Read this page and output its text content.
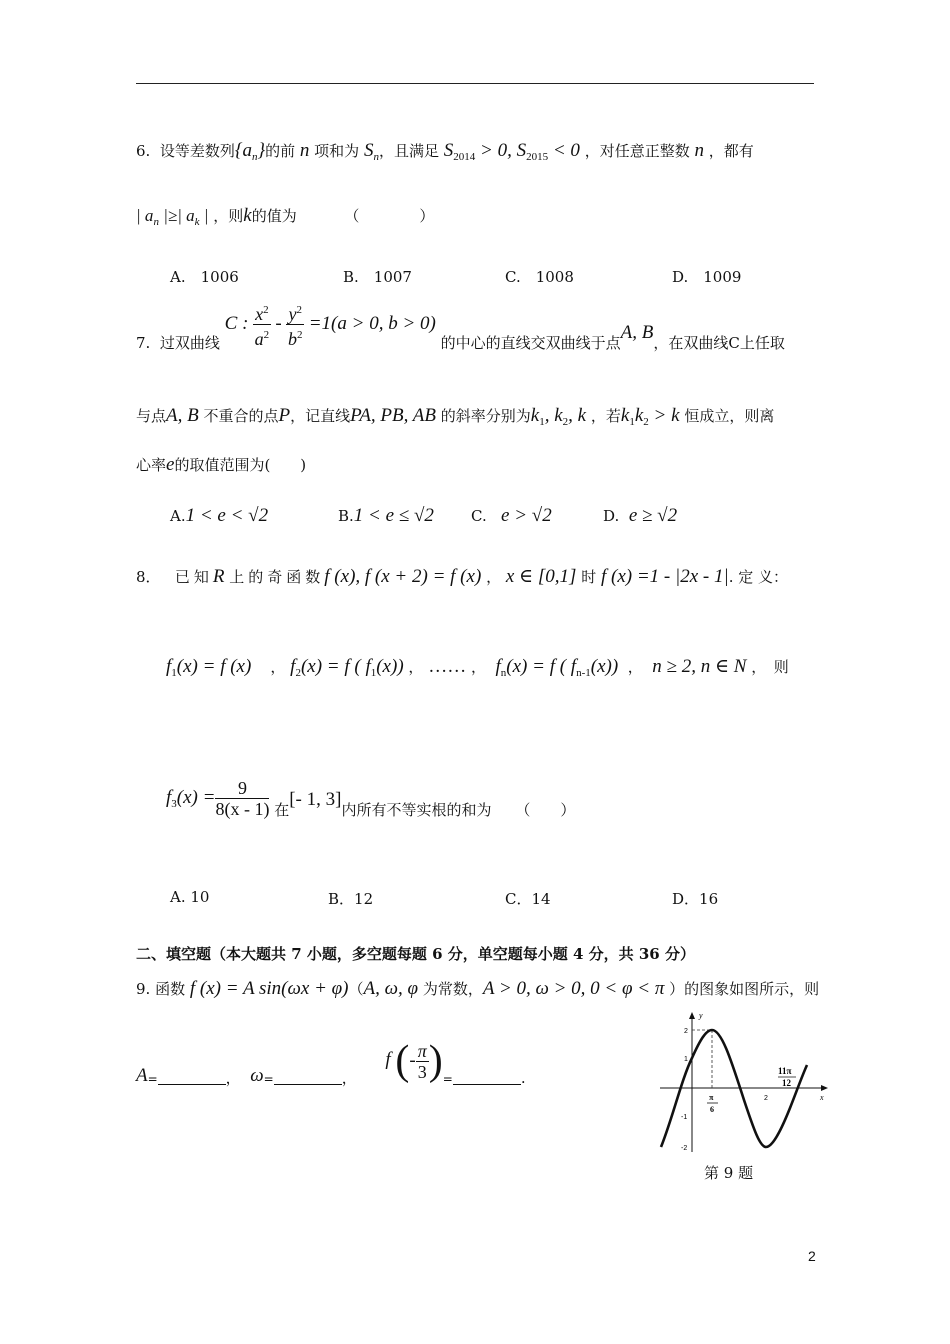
6. 设等差数列$\{a_n\}$的前 n 项和为 $S_n$，且满足 $S_{2014} > 0$, $S_{2015} < 0$ ，对任意正整数 n ，都有
| $a_n$ |≥| $a_k$ | ，则k的值为	（　　　　）
A.　1006	B.　1007	C.　1008	D.　1009
7. 过双曲线 C : $\frac{x^2}{a^2} - \frac{y^2}{b^2} =1(a > 0$, b > 0) 的中心的直线交双曲线于点A, B，在双曲线C上任取
与点A, B 不重合的点P，记直线PA, PB, AB 的斜率分别为$k_1$, $k_2$, k ，若$k_1k_2 > k$ 恒成立，则离
心率e的取值范围为(　　)
A.1 < e < √2	B.1 < e ≤ √2 C. e > √2	D. e ≥ √2
8． 已知R 上的奇函数f (x), f (x + 2) = f (x) ， x ∈ [0,1] 时 f (x) =1 - |2x - 1|. 定 义：
$f_1(x) = f$ (x)    ， $f_2(x) = f$ ( $f_1(x)$) ， …… ，  $f_n(x) = f$ ( $f_{n-1}(x)$)  ，  n ≥ 2, n ∈ N ，　则
$f_3(x) = \frac{9}{8(x - 1)}$ 在[- 1, 3]内所有不等实根的和为 （　　）
A. 10	B．12	C．14	D．16
二、填空题（本大题共 7 小题，多空题每题 6 分，单空题每小题 4 分，共 36 分）
9. 函数 f (x) = A sin(ωx + φ)（A, ω, φ 为常数，A > 0, ω > 0, 0 < φ < π ）的图象如图所示，则
$A_=$	， $\omega_=$	，      f (- $\frac{\pi}{3} )_=$	.
y
x
2
1
-1
-2
π
6
2
11π
12
第 9 题
2
